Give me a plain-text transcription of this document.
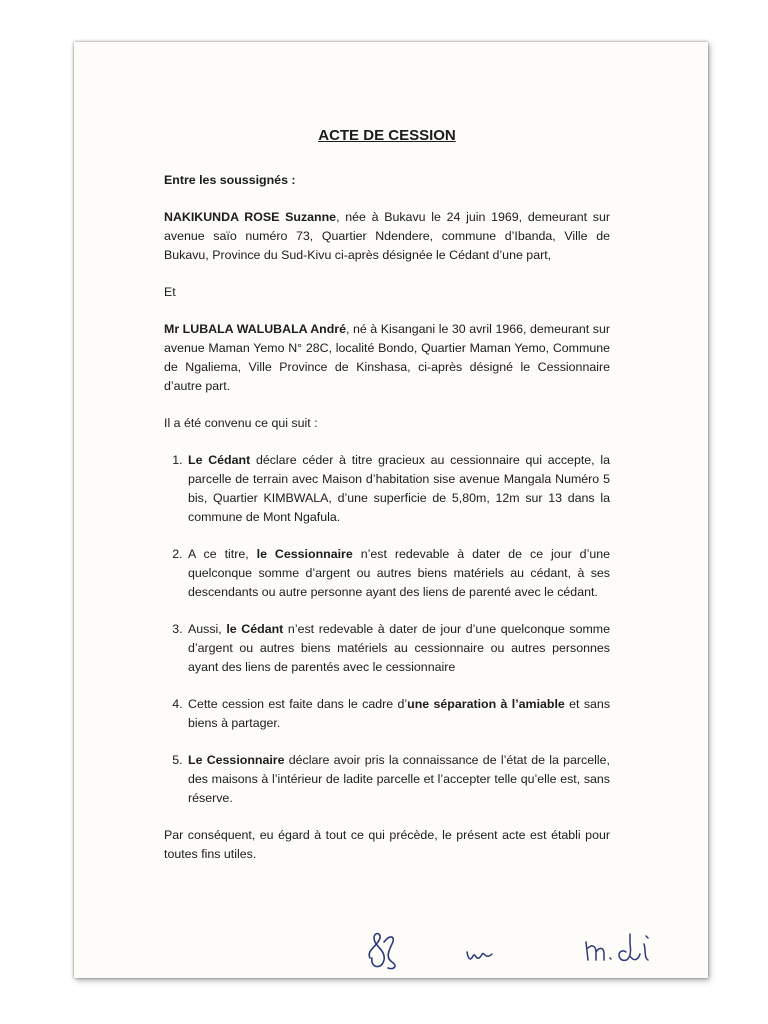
ACTE DE CESSION

Entre les soussignés :

NAKIKUNDA ROSE Suzanne, née à Bukavu le 24 juin 1969, demeurant sur avenue saïo numéro 73, Quartier Ndendere, commune d’Ibanda, Ville de Bukavu, Province du Sud-Kivu ci-après désignée le Cédant d’une part,

Et

Mr LUBALA WALUBALA André, né à Kisangani le 30 avril 1966, demeurant sur avenue Maman Yemo N° 28C, localité Bondo, Quartier Maman Yemo, Commune de Ngaliema, Ville Province de Kinshasa, ci-après désigné le Cessionnaire d’autre part.

Il a été convenu ce qui suit :

1. Le Cédant déclare céder à titre gracieux au cessionnaire qui accepte, la parcelle de terrain avec Maison d’habitation sise avenue Mangala Numéro 5 bis, Quartier KIMBWALA, d’une superficie de 5,80m, 12m sur 13 dans la commune de Mont Ngafula.
2. A ce titre, le Cessionnaire n’est redevable à dater de ce jour d’une quelconque somme d’argent ou autres biens matériels au cédant, à ses descendants ou autre personne ayant des liens de parenté avec le cédant.
3. Aussi, le Cédant n’est redevable à dater de jour d’une quelconque somme d’argent ou autres biens matériels au cessionnaire ou autres personnes ayant des liens de parentés avec le cessionnaire
4. Cette cession est faite dans le cadre d’une séparation à l’amiable et sans biens à partager.
5. Le Cessionnaire déclare avoir pris la connaissance de l’état de la parcelle, des maisons à l’intérieur de ladite parcelle et l’accepter telle qu’elle est, sans réserve.

Par conséquent, eu égard à tout ce qui précède, le présent acte est établi pour toutes fins utiles.
